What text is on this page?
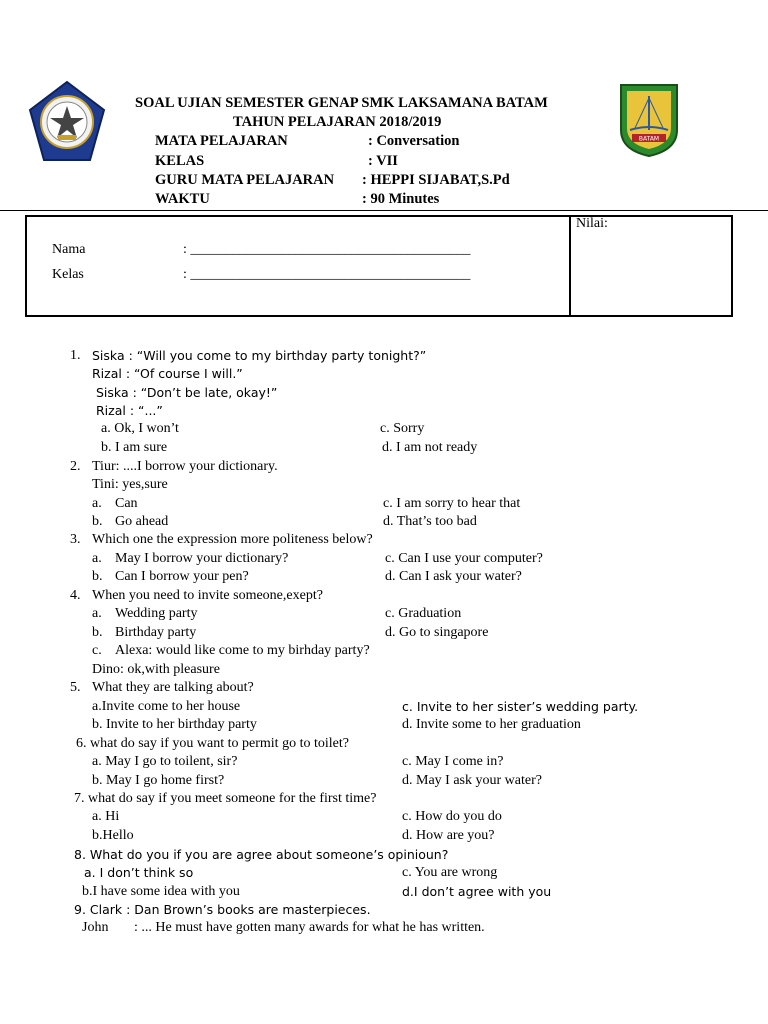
BATAM
SOAL UJIAN SEMESTER GENAP SMK LAKSAMANA BATAM
TAHUN PELAJARAN 2018/2019
MATA PELAJARAN	: Conversation
KELAS	: VII
GURU MATA PELAJARAN : HEPPI SIJABAT,S.Pd
WAKTU	: 90 Minutes
Nilai:
Nama	: ________________________________________
Kelas	: ________________________________________
1. Siska : “Will you come to my birthday party tonight?”
Rizal : “Of course I will.”
Siska : “Don’t be late, okay!”
Rizal : “...”
a. Ok, I won’t	c. Sorry
b. I am sure	d. I am not ready
2. Tiur: ....I borrow your dictionary.
Tini: yes,sure
a. Can	c. I am sorry to hear that
b. Go ahead	d. That’s too bad
3. Which one the expression more politeness below?
a. May I borrow your dictionary?	c. Can I use your computer?
b. Can I borrow your pen?	d. Can I ask your water?
4. When you need to invite someone,exept?
a. Wedding party	c. Graduation
b. Birthday party	d. Go to singapore
c. Alexa: would like come to my birhday party?
Dino: ok,with pleasure
5. What they are talking about?
a.Invite come to her house	c. Invite to her sister’s wedding party.
b. Invite to her birthday party	d. Invite some to her graduation
6. what do say if you want to permit go to toilet?
a. May I go to toilent, sir?	c. May I come in?
b. May I go home first?	d. May I ask your water?
7. what do say if you meet someone for the first time?
a. Hi	c. How do you do
b.Hello	d. How are you?
8. What do you if you are agree about someone’s opinioun?
a. I don’t think so	c. You are wrong
b.I have some idea with you	d.I don’t agree with you
9. Clark : Dan Brown’s books are masterpieces.
John : ... He must have gotten many awards for what he has written.
